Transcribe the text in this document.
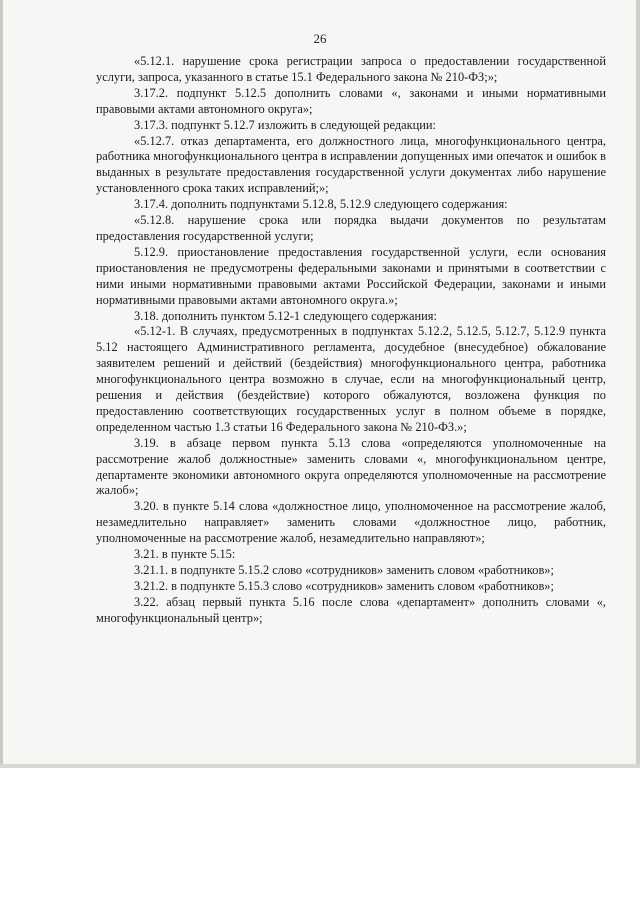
26

«5.12.1. нарушение срока регистрации запроса о предоставлении государственной услуги, запроса, указанного в статье 15.1 Федерального закона № 210-ФЗ;»;

3.17.2. подпункт 5.12.5 дополнить словами «, законами и иными нормативными правовыми актами автономного округа»;

3.17.3. подпункт 5.12.7 изложить в следующей редакции:

«5.12.7. отказ департамента, его должностного лица, многофункционального центра, работника многофункционального центра в исправлении допущенных ими опечаток и ошибок в выданных в результате предоставления государственной услуги документах либо нарушение установленного срока таких исправлений;»;

3.17.4. дополнить подпунктами 5.12.8, 5.12.9 следующего содержания:

«5.12.8. нарушение срока или порядка выдачи документов по результатам предоставления государственной услуги;

5.12.9. приостановление предоставления государственной услуги, если основания приостановления не предусмотрены федеральными законами и принятыми в соответствии с ними иными нормативными правовыми актами Российской Федерации, законами и иными нормативными правовыми актами автономного округа.»;

3.18. дополнить пунктом 5.12-1 следующего содержания:

«5.12-1. В случаях, предусмотренных в подпунктах 5.12.2, 5.12.5, 5.12.7, 5.12.9 пункта 5.12 настоящего Административного регламента, досудебное (внесудебное) обжалование заявителем решений и действий (бездействия) многофункционального центра, работника многофункционального центра возможно в случае, если на многофункциональный центр, решения и действия (бездействие) которого обжалуются, возложена функция по предоставлению соответствующих государственных услуг в полном объеме в порядке, определенном частью 1.3 статьи 16 Федерального закона № 210-ФЗ.»;

3.19. в абзаце первом пункта 5.13 слова «определяются уполномоченные на рассмотрение жалоб должностные» заменить словами «, многофункциональном центре, департаменте экономики автономного округа определяются уполномоченные на рассмотрение жалоб»;

3.20. в пункте 5.14 слова «должностное лицо, уполномоченное на рассмотрение жалоб, незамедлительно направляет» заменить словами «должностное лицо, работник, уполномоченные на рассмотрение жалоб, незамедлительно направляют»;

3.21. в пункте 5.15:

3.21.1. в подпункте 5.15.2 слово «сотрудников» заменить словом «работников»;

3.21.2. в подпункте 5.15.3 слово «сотрудников» заменить словом «работников»;

3.22. абзац первый пункта 5.16 после слова «департамент» дополнить словами «, многофункциональный центр»;
